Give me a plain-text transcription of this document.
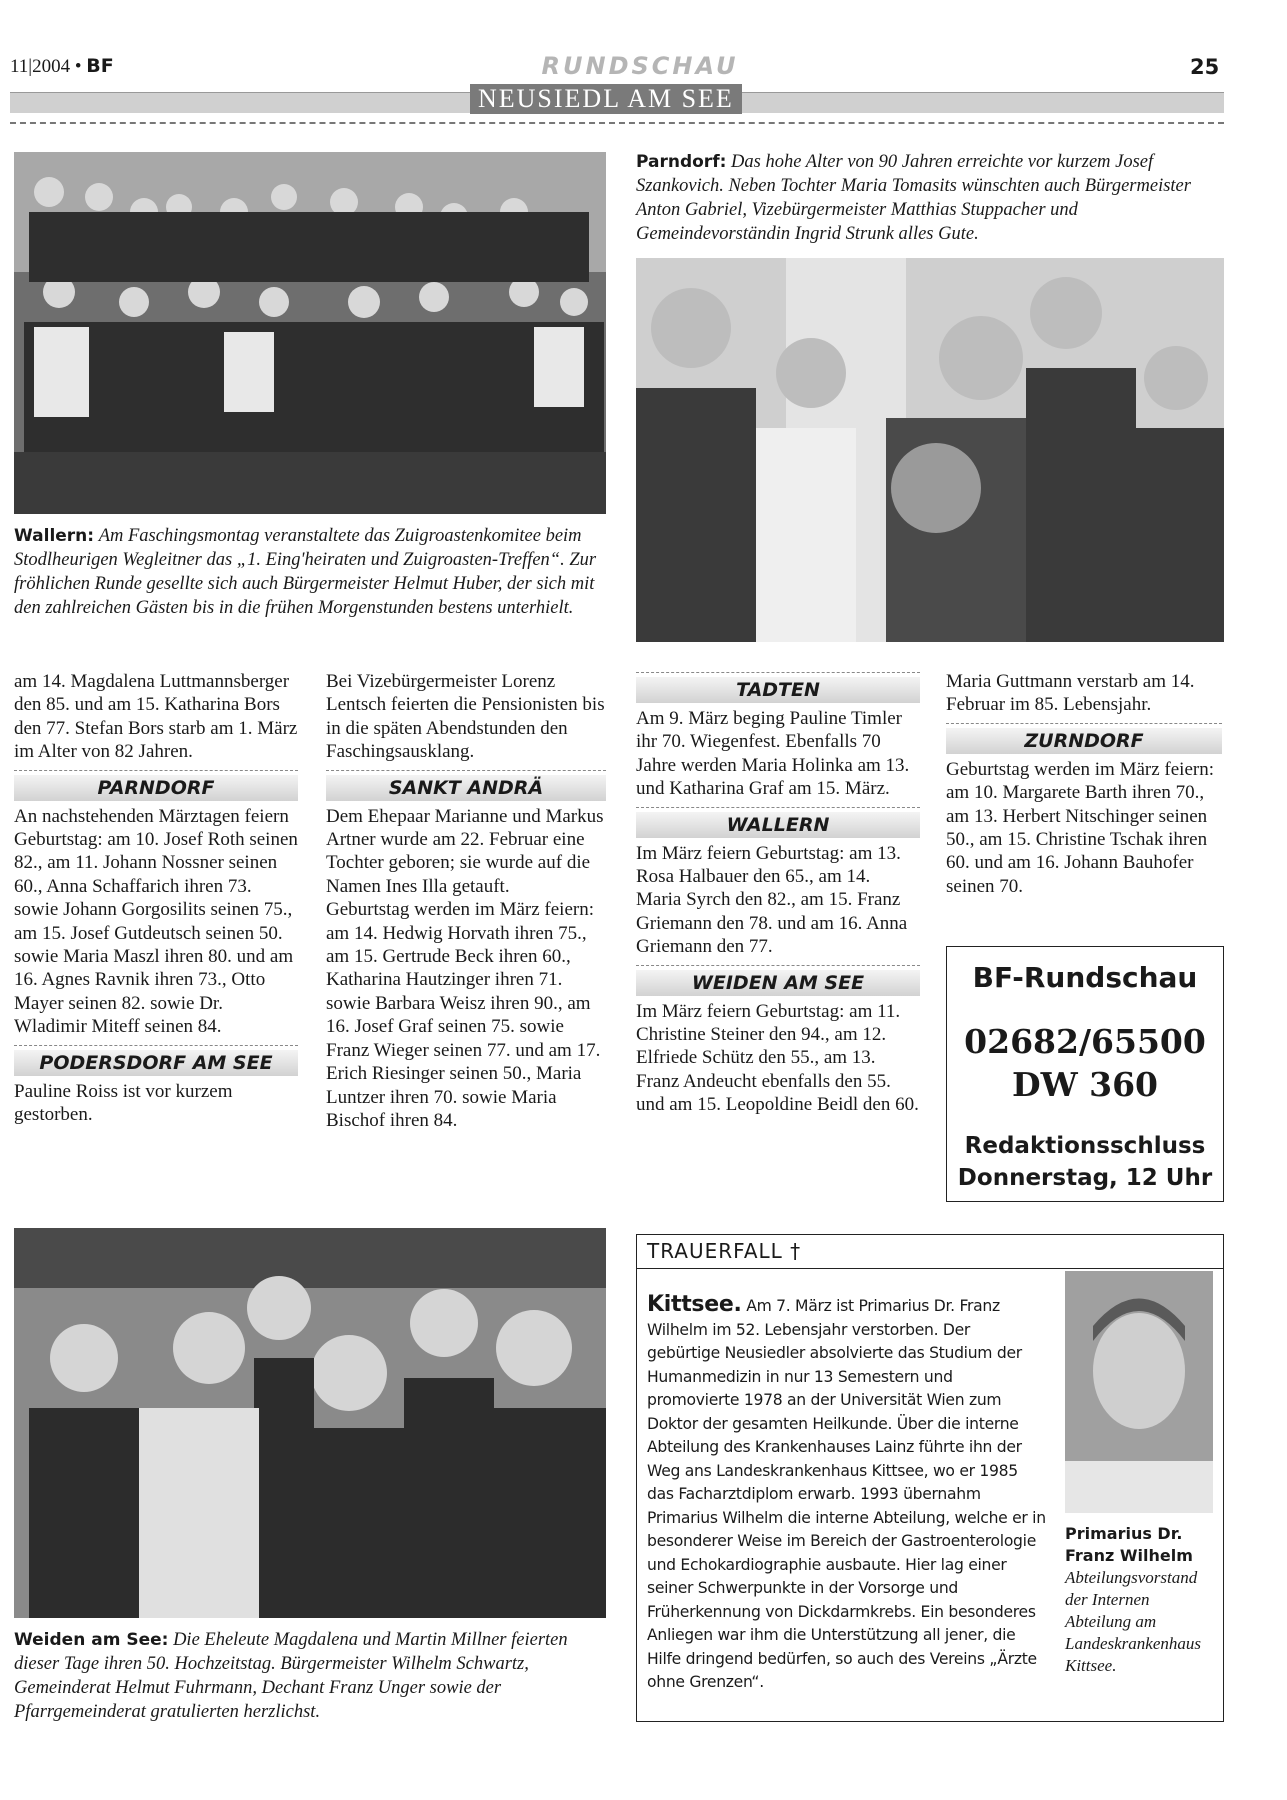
11|2004 • BF	RUNDSCHAU	25
NEUSIEDL AM SEE
Wallern: Am Faschingsmontag veranstaltete das Zuigroastenkomitee beim Stodlheurigen Wegleitner das „1. Eing'heiraten und Zuigroasten-Treffen“. Zur fröhlichen Runde gesellte sich auch Bürgermeister Helmut Huber, der sich mit den zahlreichen Gästen bis in die frühen Morgenstunden bestens unterhielt.
Parndorf: Das hohe Alter von 90 Jahren erreichte vor kurzem Josef Szankovich. Neben Tochter Maria Tomasits wünschten auch Bürgermeister Anton Gabriel, Vizebürgermeister Matthias Stuppacher und Gemeindevorständin Ingrid Strunk alles Gute.

am 14. Magdalena Luttmannsberger den 85. und am 15. Katharina Bors den 77. Stefan Bors starb am 1. März im Alter von 82 Jahren.

PARNDORF

An nachstehenden Märztagen feiern Geburtstag: am 10. Josef Roth seinen 82., am 11. Johann Nossner seinen 60., Anna Schaffarich ihren 73. sowie Johann Gorgosilits seinen 75., am 15. Josef Gutdeutsch seinen 50. sowie Maria Maszl ihren 80. und am 16. Agnes Ravnik ihren 73., Otto Mayer seinen 82. sowie Dr. Wladimir Miteff seinen 84.

PODERSDORF AM SEE

Pauline Roiss ist vor kurzem gestorben.

Bei Vizebürgermeister Lorenz Lentsch feierten die Pensionisten bis in die späten Abendstunden den Faschingsausklang.

SANKT ANDRÄ

Dem Ehepaar Marianne und Markus Artner wurde am 22. Februar eine Tochter geboren; sie wurde auf die Namen Ines Illa getauft.

Geburtstag werden im März feiern: am 14. Hedwig Horvath ihren 75., am 15. Gertrude Beck ihren 60., Katharina Hautzinger ihren 71. sowie Barbara Weisz ihren 90., am 16. Josef Graf seinen 75. sowie Franz Wieger seinen 77. und am 17. Erich Riesinger seinen 50., Maria Luntzer ihren 70. sowie Maria Bischof ihren 84.

TADTEN

Am 9. März beging Pauline Timler ihr 70. Wiegenfest. Ebenfalls 70 Jahre werden Maria Holinka am 13. und Katharina Graf am 15. März.

WALLERN

Im März feiern Geburtstag: am 13. Rosa Halbauer den 65., am 14. Maria Syrch den 82., am 15. Franz Griemann den 78. und am 16. Anna Griemann den 77.

WEIDEN AM SEE

Im März feiern Geburtstag: am 11. Christine Steiner den 94., am 12. Elfriede Schütz den 55., am 13. Franz Andeucht ebenfalls den 55. und am 15. Leopoldine Beidl den 60.

Maria Guttmann verstarb am 14. Februar im 85. Lebensjahr.

ZURNDORF

Geburtstag werden im März feiern: am 10. Margarete Barth ihren 70., am 13. Herbert Nitschinger seinen 50., am 15. Christine Tschak ihren 60. und am 16. Johann Bauhofer seinen 70.

BF-Rundschau
02682/65500
DW 360
Redaktionsschluss
Donnerstag, 12 Uhr
Weiden am See: Die Eheleute Magdalena und Martin Millner feierten dieser Tage ihren 50. Hochzeitstag. Bürgermeister Wilhelm Schwartz, Gemeinderat Helmut Fuhrmann, Dechant Franz Unger sowie der Pfarrgemeinderat gratulierten herzlichst.
TRAUERFALL †
Kittsee. Am 7. März ist Primarius Dr. Franz Wilhelm im 52. Lebensjahr verstorben. Der gebürtige Neusiedler absolvierte das Studium der Humanmedizin in nur 13 Semestern und promovierte 1978 an der Universität Wien zum Doktor der gesamten Heilkunde. Über die interne Abteilung des Krankenhauses Lainz führte ihn der Weg ans Landeskrankenhaus Kittsee, wo er 1985 das Facharztdiplom erwarb. 1993 übernahm Primarius Wilhelm die interne Abteilung, welche er in besonderer Weise im Bereich der Gastroenterologie und Echokardiographie ausbaute. Hier lag einer seiner Schwerpunkte in der Vorsorge und Früherkennung von Dickdarmkrebs. Ein besonderes Anliegen war ihm die Unterstützung all jener, die Hilfe dringend bedürfen, so auch des Vereins „Ärzte ohne Grenzen“.
Primarius Dr. Franz Wilhelm
Abteilungsvorstand der Internen Abteilung am Landeskrankenhaus Kittsee.
